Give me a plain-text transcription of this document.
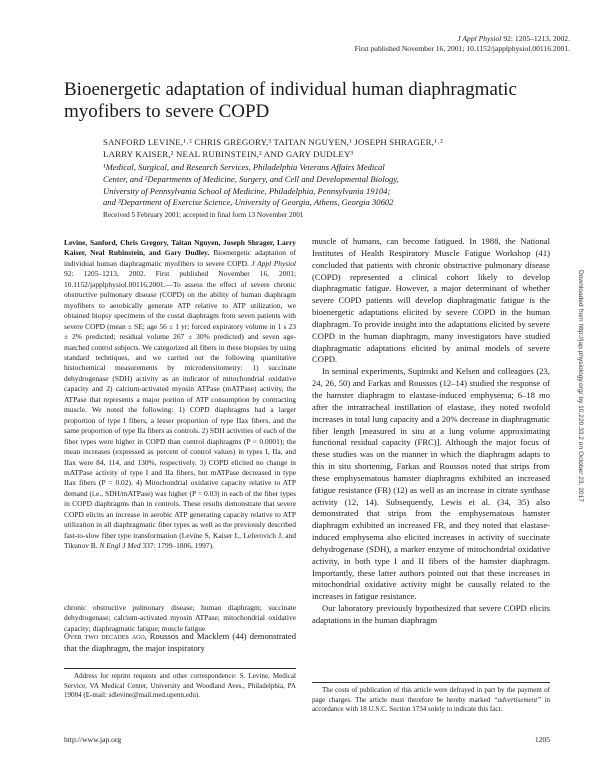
J Appl Physiol 92: 1205–1213, 2002.
First published November 16, 2001; 10.1152/japplphysiol.00116.2001.
Bioenergetic adaptation of individual human diaphragmatic myofibers to severe COPD
SANFORD LEVINE,¹˒² CHRIS GREGORY,³ TAITAN NGUYEN,¹ JOSEPH SHRAGER,¹˒²
LARRY KAISER,² NEAL RUBINSTEIN,² AND GARY DUDLEY³
¹Medical, Surgical, and Research Services, Philadelphia Veterans Affairs Medical
Center, and ²Departments of Medicine, Surgery, and Cell and Developmental Biology,
University of Pennsylvania School of Medicine, Philadelphia, Pennsylvania 19104;
and ³Department of Exercise Science, University of Georgia, Athens, Georgia 30602
Received 5 February 2001; accepted in final form 13 November 2001
Levine, Sanford, Chris Gregory, Taitan Nguyen, Joseph Shrager, Larry Kaiser, Neal Rubinstein, and Gary Dudley. Bioenergetic adaptation of individual human diaphragmatic myofibers to severe COPD. J Appl Physiol 92: 1205–1213, 2002. First published November 16, 2001; 10.1152/japplphysiol.00116.2001.—To assess the effect of severe chronic obstructive pulmonary disease (COPD) on the ability of human diaphragm myofibers to aerobically generate ATP relative to ATP utilization, we obtained biopsy specimens of the costal diaphragm from seven patients with severe COPD (mean ± SE; age 56 ± 1 yr; forced expiratory volume in 1 s 23 ± 2% predicted; residual volume 267 ± 30% predicted) and seven age-matched control subjects. We categorized all fibers in these biopsies by using standard techniques, and we carried out the following quantitative histochemical measurements by microdensitometry: 1) succinate dehydrogenase (SDH) activity as an indicator of mitochondrial oxidative capacity and 2) calcium-activated myosin ATPase (mATPase) activity, the ATPase that represents a major portion of ATP consumption by contracting muscle. We noted the following: 1) COPD diaphragms had a larger proportion of type I fibers, a lesser proportion of type IIax fibers, and the same proportion of type IIa fibers as controls. 2) SDH activities of each of the fiber types were higher in COPD than control diaphragms (P < 0.0001); the mean increases (expressed as percent of control values) in types I, IIa, and IIax were 84, 114, and 130%, respectively. 3) COPD elicited no change in mATPase activity of type I and IIa fibers, but mATPase decreased in type IIax fibers (P = 0.02). 4) Mitochondrial oxidative capacity relative to ATP demand (i.e., SDH/mATPase) was higher (P = 0.03) in each of the fiber types in COPD diaphragms than in controls. These results demonstrate that severe COPD elicits an increase in aerobic ATP generating capacity relative to ATP utilization in all diaphragmatic fiber types as well as the previously described fast-to-slow fiber type transformation (Levine S, Kaiser L, Leferovich J, and Tikunov B. N Engl J Med 337: 1799–1806, 1997).
chronic obstructive pulmonary disease; human diaphragm; succinate dehydrogenase; calcium-activated myosin ATPase; mitochondrial oxidative capacity; diaphragmatic fatigue; muscle fatigue
Over two decades ago, Roussos and Macklem (44) demonstrated that the diaphragm, the major inspiratory
Address for reprint requests and other correspondence: S. Levine, Medical Service, VA Medical Center, University and Woodland Aves., Philadelphia, PA 19004 (E-mail: sdlevine@mail.med.upenn.edu).

muscle of humans, can become fatigued. In 1988, the National Institutes of Health Respiratory Muscle Fatigue Workshop (41) concluded that patients with chronic obstructive pulmonary disease (COPD) represented a clinical cohort likely to develop diaphragmatic fatigue. However, a major determinant of whether severe COPD patients will develop diaphragmatic fatigue is the bioenergetic adaptations elicited by severe COPD in the human diaphragm. To provide insight into the adaptations elicited by severe COPD in the human diaphragm, many investigators have studied diaphragmatic adaptations elicited by animal models of severe COPD.

In seminal experiments, Supinski and Kelsen and colleagues (23, 24, 26, 50) and Farkas and Roussos (12–14) studied the response of the hamster diaphragm to elastase-induced emphysema; 6–18 mo after the intratracheal instillation of elastase, they noted twofold increases in total lung capacity and a 20% decrease in diaphragmatic fiber length [measured in situ at a lung volume approximating functional residual capacity (FRC)]. Although the major focus of these studies was on the manner in which the diaphragm adapts to this in situ shortening, Farkas and Roussos noted that strips from these emphysematous hamster diaphragms exhibited an increased fatigue resistance (FR) (12) as well as an increase in citrate synthase activity (12, 14). Subsequently, Lewis et al. (34, 35) also demonstrated that strips from the emphysematous hamster diaphragm exhibited an increased FR, and they noted that elastase-induced emphysema also elicited increases in activity of succinate dehydrogenase (SDH), a marker enzyme of mitochondrial oxidative activity, in both type I and II fibers of the hamster diaphragm. Importantly, these latter authors pointed out that these increases in mitochondrial oxidative activity might be causally related to the increases in fatigue resistance.

Our laboratory previously hypothesized that severe COPD elicits adaptations in the human diaphragm

The costs of publication of this article were defrayed in part by the payment of page charges. The article must therefore be hereby marked “advertisement” in accordance with 18 U.S.C. Section 1734 solely to indicate this fact.
http://www.jap.org	1205
Downloaded from http://jap.physiology.org/ by 10.220.33.2 on October 23, 2017
